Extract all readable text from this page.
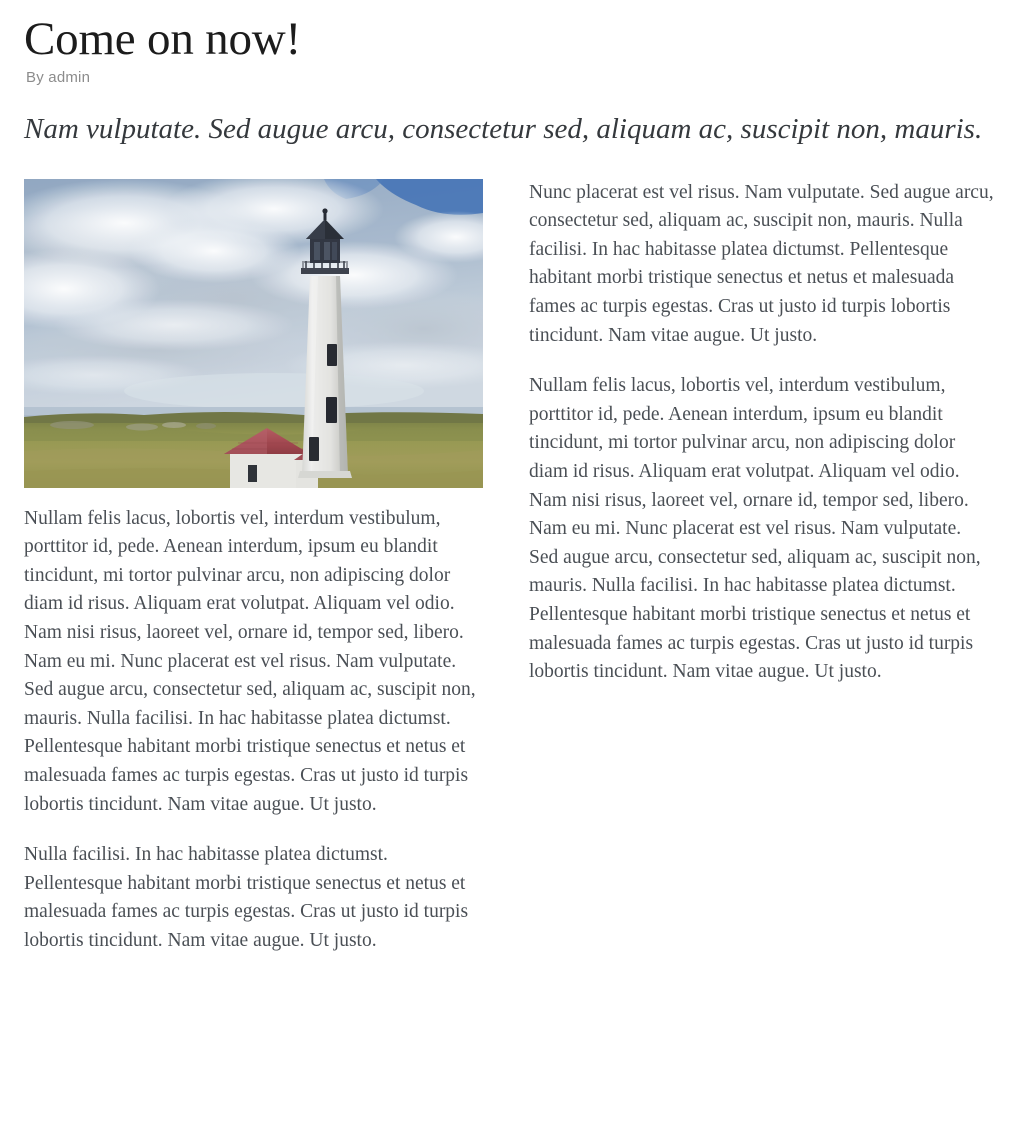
Come on now!
By admin
Nam vulputate. Sed augue arcu, consectetur sed, aliquam ac, suscipit non, mauris.

Nullam felis lacus, lobortis vel, interdum vestibulum, porttitor id, pede. Aenean interdum, ipsum eu blandit tincidunt, mi tortor pulvinar arcu, non adipiscing dolor diam id risus. Aliquam erat volutpat. Aliquam vel odio. Nam nisi risus, laoreet vel, ornare id, tempor sed, libero. Nam eu mi. Nunc placerat est vel risus. Nam vulputate. Sed augue arcu, consectetur sed, aliquam ac, suscipit non, mauris. Nulla facilisi. In hac habitasse platea dictumst. Pellentesque habitant morbi tristique senectus et netus et malesuada fames ac turpis egestas. Cras ut justo id turpis lobortis tincidunt. Nam vitae augue. Ut justo.

Nulla facilisi. In hac habitasse platea dictumst. Pellentesque habitant morbi tristique senectus et netus et malesuada fames ac turpis egestas. Cras ut justo id turpis lobortis tincidunt. Nam vitae augue. Ut justo.

Nunc placerat est vel risus. Nam vulputate. Sed augue arcu, consectetur sed, aliquam ac, suscipit non, mauris. Nulla facilisi. In hac habitasse platea dictumst. Pellentesque habitant morbi tristique senectus et netus et malesuada fames ac turpis egestas. Cras ut justo id turpis lobortis tincidunt. Nam vitae augue. Ut justo.

Nullam felis lacus, lobortis vel, interdum vestibulum, porttitor id, pede. Aenean interdum, ipsum eu blandit tincidunt, mi tortor pulvinar arcu, non adipiscing dolor diam id risus. Aliquam erat volutpat. Aliquam vel odio. Nam nisi risus, laoreet vel, ornare id, tempor sed, libero. Nam eu mi. Nunc placerat est vel risus. Nam vulputate. Sed augue arcu, consectetur sed, aliquam ac, suscipit non, mauris. Nulla facilisi. In hac habitasse platea dictumst. Pellentesque habitant morbi tristique senectus et netus et malesuada fames ac turpis egestas. Cras ut justo id turpis lobortis tincidunt. Nam vitae augue. Ut justo.
